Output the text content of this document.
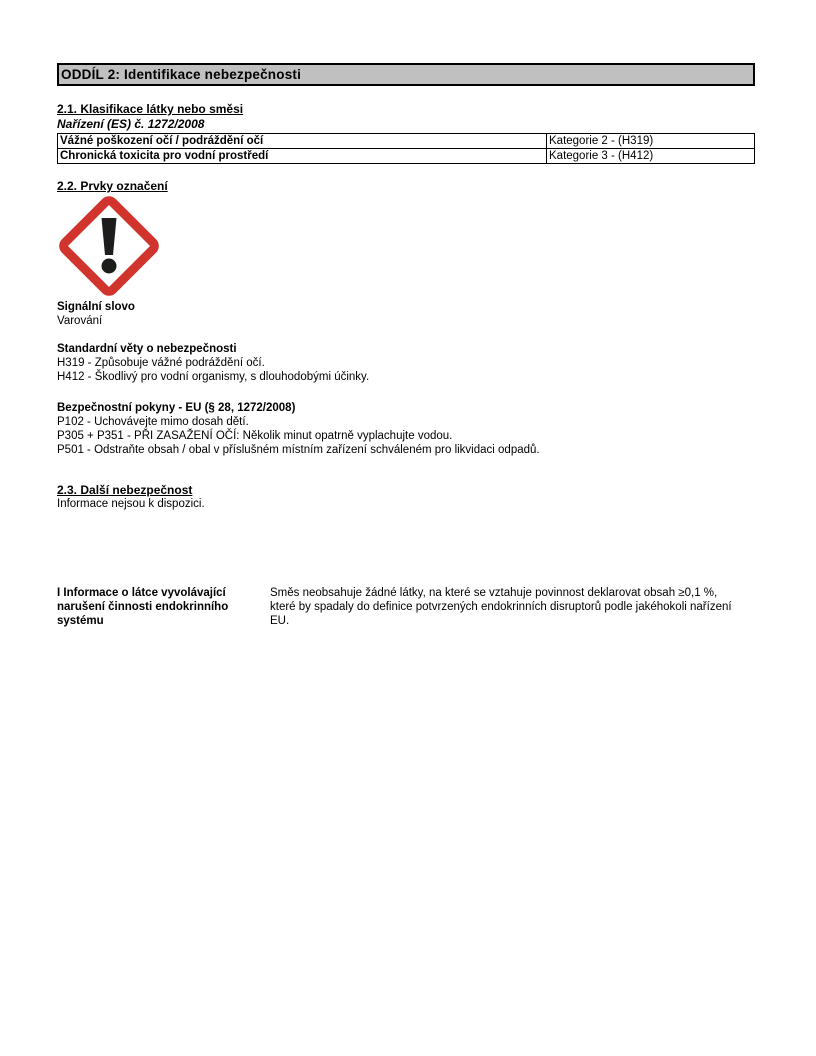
ODDÍL 2: Identifikace nebezpečnosti
2.1. Klasifikace látky nebo směsi
Nařízení (ES) č. 1272/2008
Vážné poškození očí / podráždění očí	Kategorie 2 - (H319)
Chronická toxicita pro vodní prostředí	Kategorie 3 - (H412)
2.2. Prvky označení
Signální slovo
Varování
Standardní věty o nebezpečnosti
H319 - Způsobuje vážné podráždění očí.
H412 - Škodlivý pro vodní organismy, s dlouhodobými účinky.
Bezpečnostní pokyny - EU (§ 28, 1272/2008)
P102 - Uchovávejte mimo dosah dětí.
P305 + P351 - PŘI ZASAŽENÍ OČÍ: Několik minut opatrně vyplachujte vodou.
P501 - Odstraňte obsah / obal v příslušném místním zařízení schváleném pro likvidaci odpadů.
2.3. Další nebezpečnost
Informace nejsou k dispozici.
I Informace o látce vyvolávající narušení činnosti endokrinního systému
Směs neobsahuje žádné látky, na které se vztahuje povinnost deklarovat obsah ≥0,1 %, které by spadaly do definice potvrzených endokrinních disruptorů podle jakéhokoli nařízení EU.
